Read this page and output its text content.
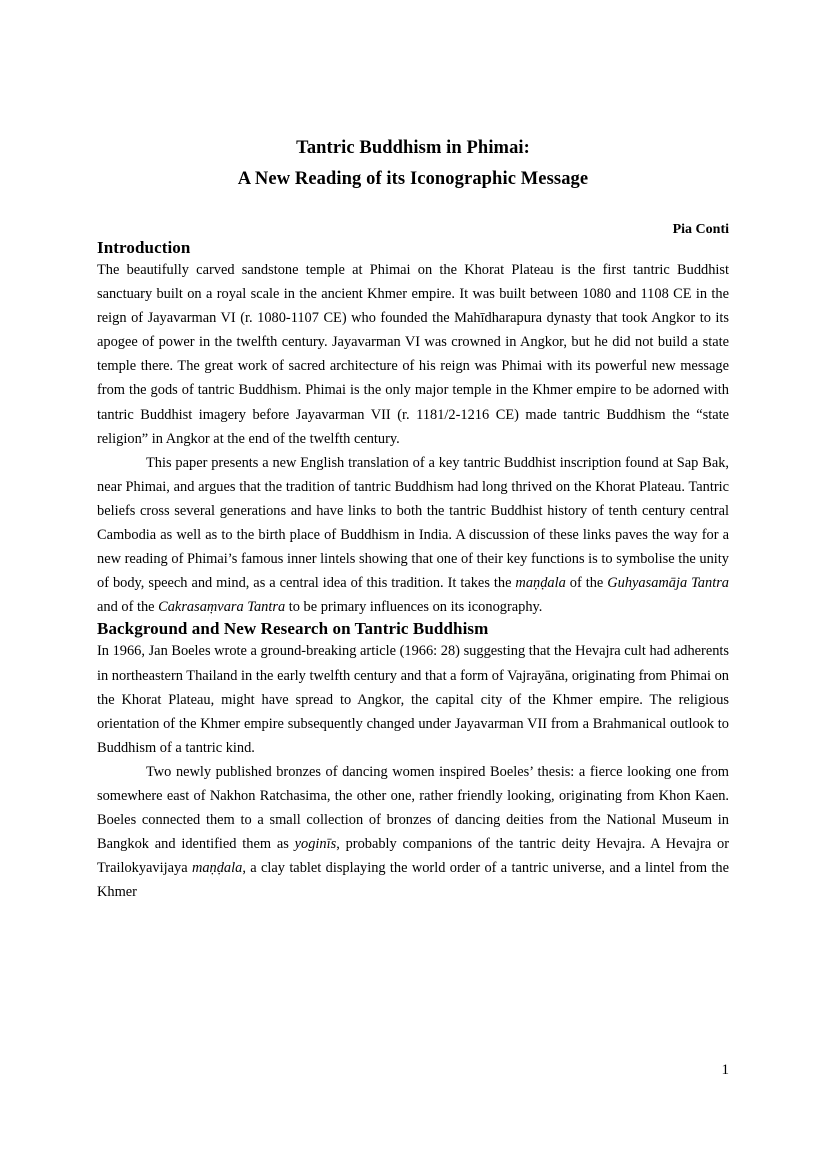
Tantric Buddhism in Phimai:
A New Reading of its Iconographic Message
Pia Conti
Introduction

The beautifully carved sandstone temple at Phimai on the Khorat Plateau is the first tantric Buddhist sanctuary built on a royal scale in the ancient Khmer empire. It was built between 1080 and 1108 CE in the reign of Jayavarman VI (r. 1080-1107 CE) who founded the Mahīdharapura dynasty that took Angkor to its apogee of power in the twelfth century. Jayavarman VI was crowned in Angkor, but he did not build a state temple there. The great work of sacred architecture of his reign was Phimai with its powerful new message from the gods of tantric Buddhism. Phimai is the only major temple in the Khmer empire to be adorned with tantric Buddhist imagery before Jayavarman VII (r. 1181/2-1216 CE) made tantric Buddhism the “state religion” in Angkor at the end of the twelfth century.

This paper presents a new English translation of a key tantric Buddhist inscription found at Sap Bak, near Phimai, and argues that the tradition of tantric Buddhism had long thrived on the Khorat Plateau. Tantric beliefs cross several generations and have links to both the tantric Buddhist history of tenth century central Cambodia as well as to the birth place of Buddhism in India. A discussion of these links paves the way for a new reading of Phimai’s famous inner lintels showing that one of their key functions is to symbolise the unity of body, speech and mind, as a central idea of this tradition. It takes the maṇḍala of the Guhyasamāja Tantra and of the Cakrasaṃvara Tantra to be primary influences on its iconography.

Background and New Research on Tantric Buddhism

In 1966, Jan Boeles wrote a ground-breaking article (1966: 28) suggesting that the Hevajra cult had adherents in northeastern Thailand in the early twelfth century and that a form of Vajrayāna, originating from Phimai on the Khorat Plateau, might have spread to Angkor, the capital city of the Khmer empire. The religious orientation of the Khmer empire subsequently changed under Jayavarman VII from a Brahmanical outlook to Buddhism of a tantric kind.

Two newly published bronzes of dancing women inspired Boeles’ thesis: a fierce looking one from somewhere east of Nakhon Ratchasima, the other one, rather friendly looking, originating from Khon Kaen. Boeles connected them to a small collection of bronzes of dancing deities from the National Museum in Bangkok and identified them as yoginīs, probably companions of the tantric deity Hevajra. A Hevajra or Trailokyavijaya maṇḍala, a clay tablet displaying the world order of a tantric universe, and a lintel from the Khmer

1
